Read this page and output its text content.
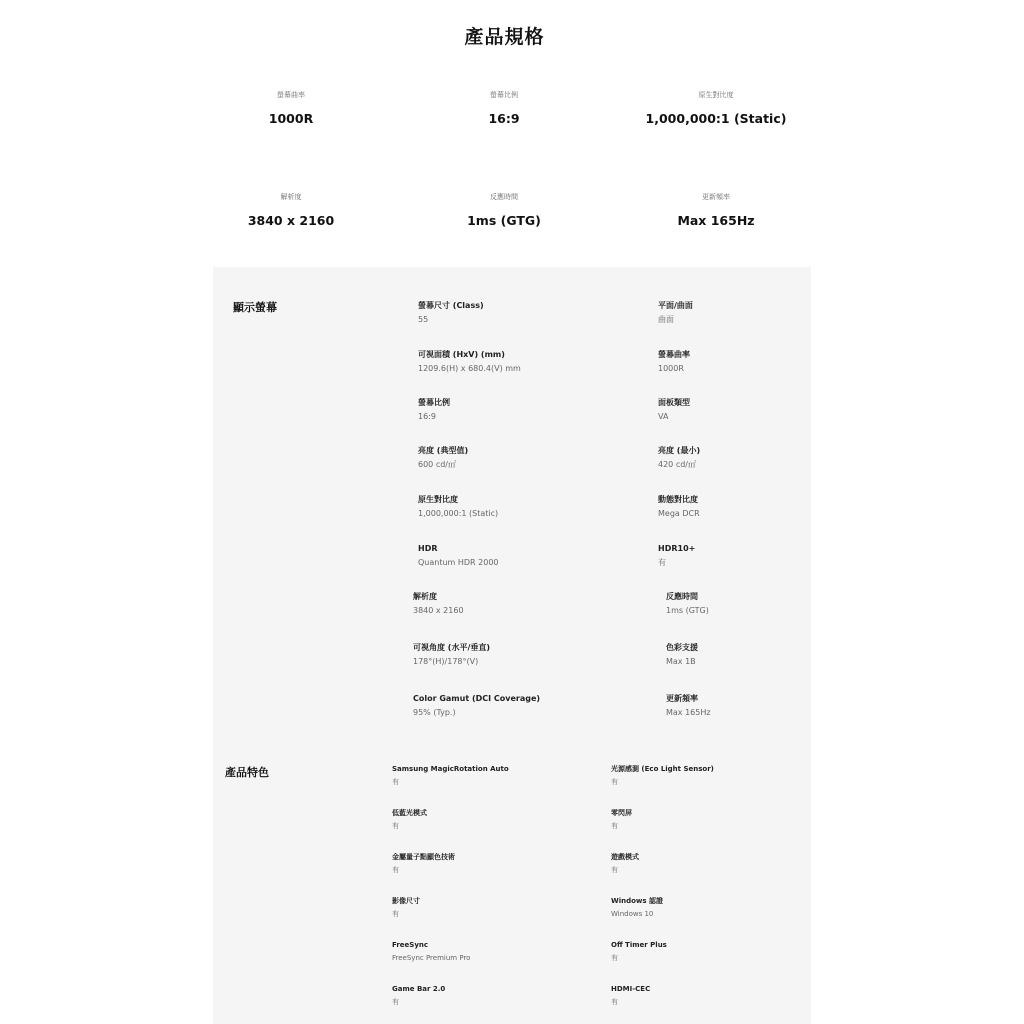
產品規格
螢幕曲率
1000R
螢幕比例
16:9
原生對比度
1,000,000:1 (Static)
解析度
3840 x 2160
反應時間
1ms (GTG)
更新頻率
Max 165Hz
顯示螢幕	螢幕尺寸 (Class)
55
平面/曲面
曲面
可視面積 (HxV) (mm)
1209.6(H) x 680.4(V) mm
螢幕曲率
1000R
螢幕比例
16:9
面板類型
VA
亮度 (典型值)
600 cd/㎡
亮度 (最小)
420 cd/㎡
原生對比度
1,000,000:1 (Static)
動態對比度
Mega DCR
HDR
Quantum HDR 2000
HDR10+
有
解析度
3840 x 2160
反應時間
1ms (GTG)
可視角度 (水平/垂直)
178°(H)/178°(V)
色彩支援
Max 1B
Color Gamut (DCI Coverage)
95% (Typ.)
更新頻率
Max 165Hz
產品特色	Samsung MagicRotation Auto
有
光源感測 (Eco Light Sensor)
有
低藍光模式
有
零閃屏
有
金屬量子點顯色技術
有
遊戲模式
有
影像尺寸
有
Windows 認證
Windows 10
FreeSync
FreeSync Premium Pro
Off Timer Plus
有
Game Bar 2.0
有
HDMI-CEC
有
